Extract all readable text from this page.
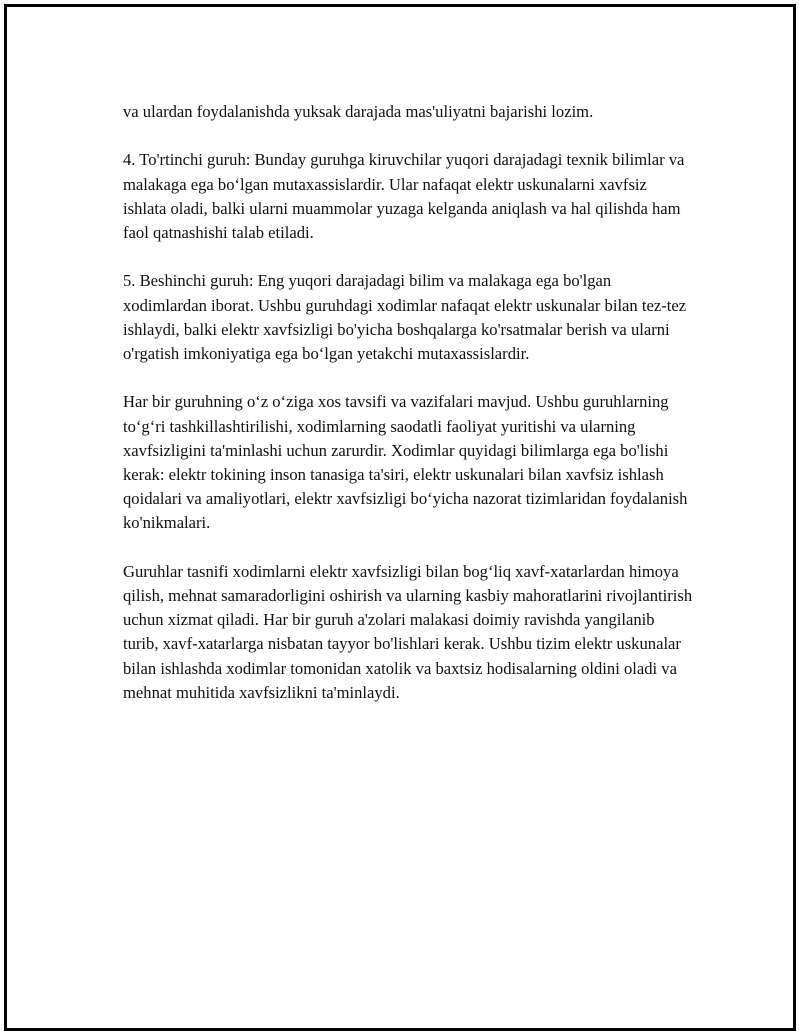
va ulardan foydalanishda yuksak darajada mas'uliyatni bajarishi lozim.

4. To'rtinchi guruh: Bunday guruhga kiruvchilar yuqori darajadagi texnik bilimlar va malakaga ega bo‘lgan mutaxassislardir. Ular nafaqat elektr uskunalarni xavfsiz ishlata oladi, balki ularni muammolar yuzaga kelganda aniqlash va hal qilishda ham faol qatnashishi talab etiladi.

5. Beshinchi guruh: Eng yuqori darajadagi bilim va malakaga ega bo'lgan xodimlardan iborat. Ushbu guruhdagi xodimlar nafaqat elektr uskunalar bilan tez-tez ishlaydi, balki elektr xavfsizligi bo'yicha boshqalarga ko'rsatmalar berish va ularni o'rgatish imkoniyatiga ega bo‘lgan yetakchi mutaxassislardir.

Har bir guruhning o‘z o‘ziga xos tavsifi va vazifalari mavjud. Ushbu guruhlarning to‘g‘ri tashkillashtirilishi, xodimlarning saodatli faoliyat yuritishi va ularning xavfsizligini ta'minlashi uchun zarurdir. Xodimlar quyidagi bilimlarga ega bo'lishi kerak: elektr tokining inson tanasiga ta'siri, elektr uskunalari bilan xavfsiz ishlash qoidalari va amaliyotlari, elektr xavfsizligi bo‘yicha nazorat tizimlaridan foydalanish ko'nikmalari.

Guruhlar tasnifi xodimlarni elektr xavfsizligi bilan bog‘liq xavf-xatarlardan himoya qilish, mehnat samaradorligini oshirish va ularning kasbiy mahoratlarini rivojlantirish uchun xizmat qiladi. Har bir guruh a'zolari malakasi doimiy ravishda yangilanib turib, xavf-xatarlarga nisbatan tayyor bo'lishlari kerak. Ushbu tizim elektr uskunalar bilan ishlashda xodimlar tomonidan xatolik va baxtsiz hodisalarning oldini oladi va mehnat muhitida xavfsizlikni ta'minlaydi.
